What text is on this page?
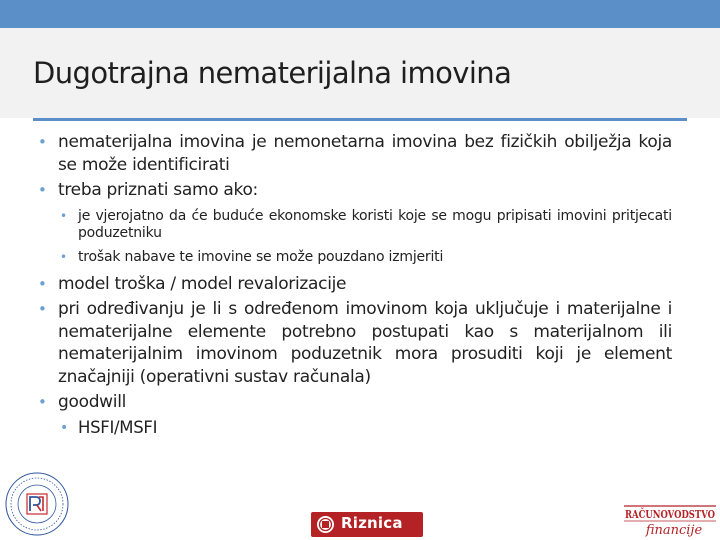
Dugotrajna nematerijalna imovina
• nematerijalna imovina je nemonetarna imovina bez fizičkih obilježja koja se može identificirati
• treba priznati samo ako:
• je vjerojatno da će buduće ekonomske koristi koje se mogu pripisati imovini pritjecati poduzetniku
• trošak nabave te imovine se može pouzdano izmjeriti
• model troška / model revalorizacije
• pri određivanju je li s određenom imovinom koja uključuje i materijalne i nematerijalne elemente potrebno postupati kao s materijalnom ili nematerijalnim imovinom poduzetnik mora prosuditi koji je element značajniji (operativni sustav računala)
• goodwill
• HSFI/MSFI
Riznica	RAČUNOVODSTVO
financije
